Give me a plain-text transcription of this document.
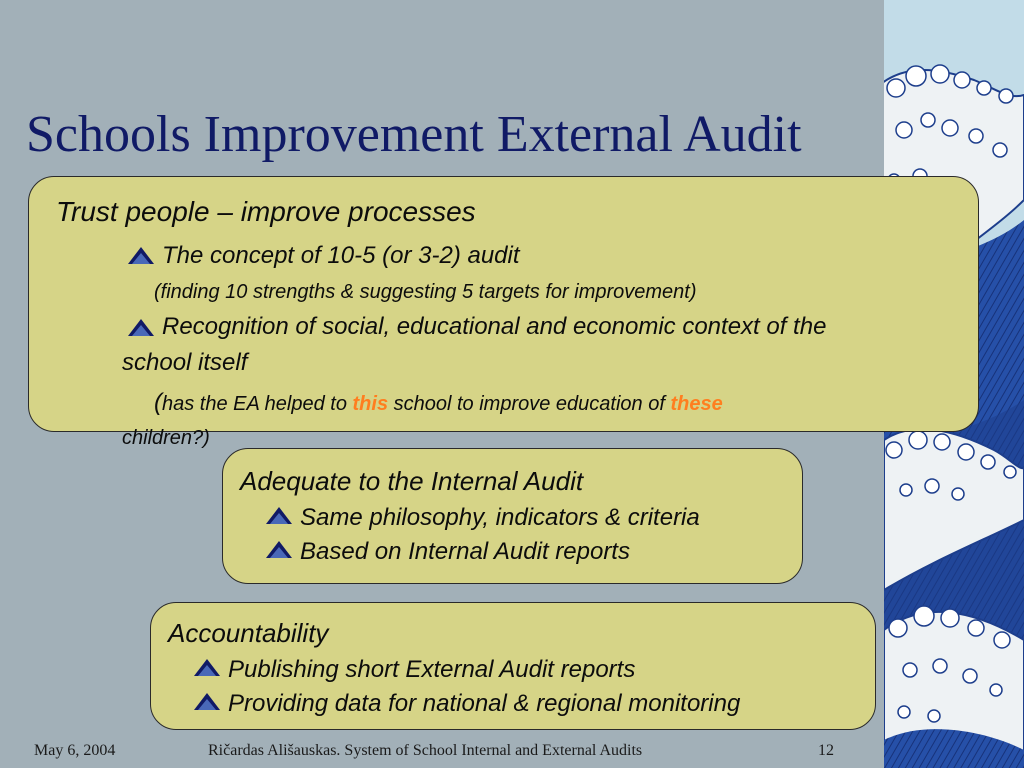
Schools Improvement External Audit
Trust people – improve processes
The concept of 10-5 (or 3-2) audit
(finding 10 strengths & suggesting 5 targets for improvement)
Recognition of social, educational and economic context of the
school itself
(has the EA helped to this school to improve education of these
children?)
Adequate to the Internal Audit
Same philosophy, indicators & criteria
Based on Internal Audit reports
Accountability
Publishing short External Audit reports
Providing data for national & regional monitoring
May 6, 2004	Ričardas Ališauskas. System of School Internal and External Audits	12
